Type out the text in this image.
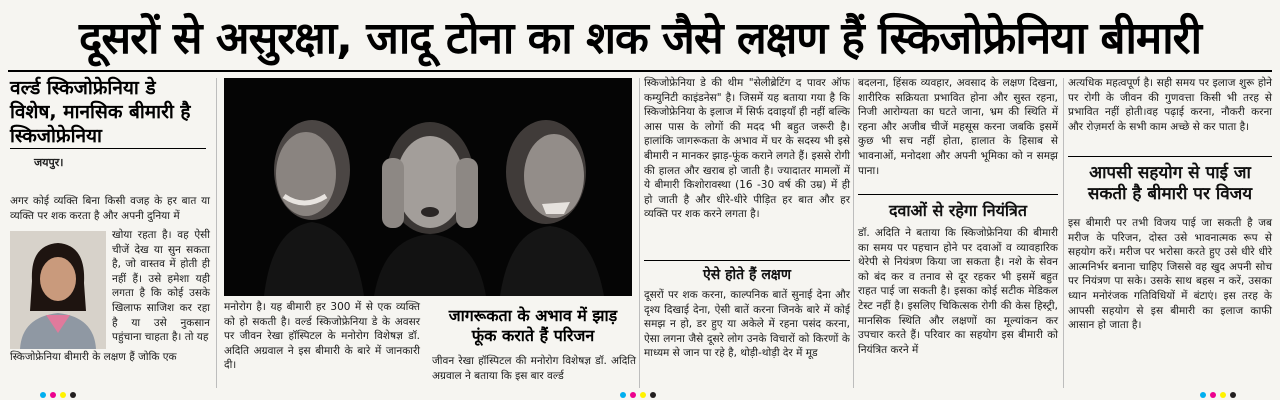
दूसरों से असुरक्षा, जादू टोना का शक जैसे लक्षण हैं स्किजोफ्रेनिया बीमारी
वर्ल्ड स्किजोफ्रेनिया डे विशेष, मानसिक बीमारी है स्किजोफ्रेनिया
जयपुर।

अगर कोई व्यक्ति बिना किसी वजह के हर बात या व्यक्ति पर शक करता है और अपनी दुनिया में

खोया रहता है। वह ऐसी चीजें देख या सुन सकता है, जो वास्तव में होती ही नहीं हैं। उसे हमेशा यही लगता है कि कोई उसके खिलाफ साजिश कर रहा है या उसे नुकसान पहुंचाना चाहता है। तो यह
स्किजोफ्रेनिया बीमारी के लक्षण हैं जोकि एक

मनोरोग है। यह बीमारी हर 300 में से एक व्यक्ति को हो सकती है। वर्ल्ड स्किजोफ्रेनिया डे के अवसर पर जीवन रेखा हॉस्पिटल के मनोरोग विशेषज्ञ डॉ. अदिति अग्रवाल ने इस बीमारी के बारे में जानकारी दी।

जागरूकता के अभाव में झाड़ फूंक कराते हैं परिजन

जीवन रेखा हॉस्पिटल की मनोरोग विशेषज्ञ डॉ. अदिति अग्रवाल ने बताया कि इस बार वर्ल्ड

स्किजोफ्रेनिया डे की थीम "सेलीब्रेटिंग द पावर ऑफ कम्युनिटी काइंडनेस" है। जिसमें यह बताया गया है कि स्किजोफ्रेनिया के इलाज में सिर्फ दवाइयाँ ही नहीं बल्कि आस पास के लोगों की मदद भी बहुत जरूरी है। हालांकि जागरूकता के अभाव में घर के सदस्य भी इसे बीमारी न मानकर झाड़-फूंक कराने लगते हैं। इससे रोगी की हालत और खराब हो जाती है। ज्यादातर मामलों में ये बीमारी किशोरावस्था (16 -30 वर्ष की उम्र) में ही हो जाती है और धीरे-धीरे पीड़ित हर बात और हर व्यक्ति पर शक करने लगता है।

ऐसे होते हैं लक्षण

दूसरों पर शक करना, काल्पनिक बातें सुनाई देना और दृश्य दिखाई देना, ऐसी बातें करना जिनके बारे में कोई समझ न हो, डर हुए या अकेले में रहना पसंद करना, ऐसा लगना जैसे दूसरे लोग उनके विचारों को किरणों के माध्यम से जान पा रहे है, थोड़ी-थोड़ी देर में मूड

बदलना, हिंसक व्यवहार, अवसाद के लक्षण दिखना, शारीरिक सक्रियता प्रभावित होना और सुस्त रहना, निजी आरोग्यता का घटते जाना, भ्रम की स्थिति में रहना और अजीब चीजें महसूस करना जबकि इसमें कुछ भी सच नहीं होता, हालात के हिसाब से भावनाओं, मनोदशा और अपनी भूमिका को न समझ पाना।

दवाओं से रहेगा नियंत्रित

डॉ. अदिति ने बताया कि स्किजोफ्रेनिया की बीमारी का समय पर पहचान होने पर दवाओं व व्यावहारिक थेरेपी से नियंत्रण किया जा सकता है। नशे के सेवन को बंद कर व तनाव से दूर रहकर भी इसमें बहुत राहत पाई जा सकती है। इसका कोई सटीक मेडिकल टेस्ट नहीं है। इसलिए चिकित्सक रोगी की केस हिस्ट्री, मानसिक स्थिति और लक्षणों का मूल्यांकन कर उपचार करते हैं। परिवार का सहयोग इस बीमारी को नियंत्रित करने में

अत्यधिक महत्वपूर्ण है। सही समय पर इलाज शुरू होने पर रोगी के जीवन की गुणवत्ता किसी भी तरह से प्रभावित नहीं होती।वह पढ़ाई करना, नौकरी करना और रोज़मर्रा के सभी काम अच्छे से कर पाता है।

आपसी सहयोग से पाई जा सकती है बीमारी पर विजय

इस बीमारी पर तभी विजय पाई जा सकती है जब मरीज के परिजन, दोस्त उसे भावनात्मक रूप से सहयोग करें। मरीज पर भरोसा करते हुए उसे धीरे धीरे आत्मनिर्भर बनाना चाहिए जिससे वह खुद अपनी सोच पर नियंत्रण पा सके। उसके साथ बहस न करें, उसका ध्यान मनोरंजक गतिविधियों में बंटाएं। इस तरह के आपसी सहयोग से इस बीमारी का इलाज काफी आसान हो जाता है।
